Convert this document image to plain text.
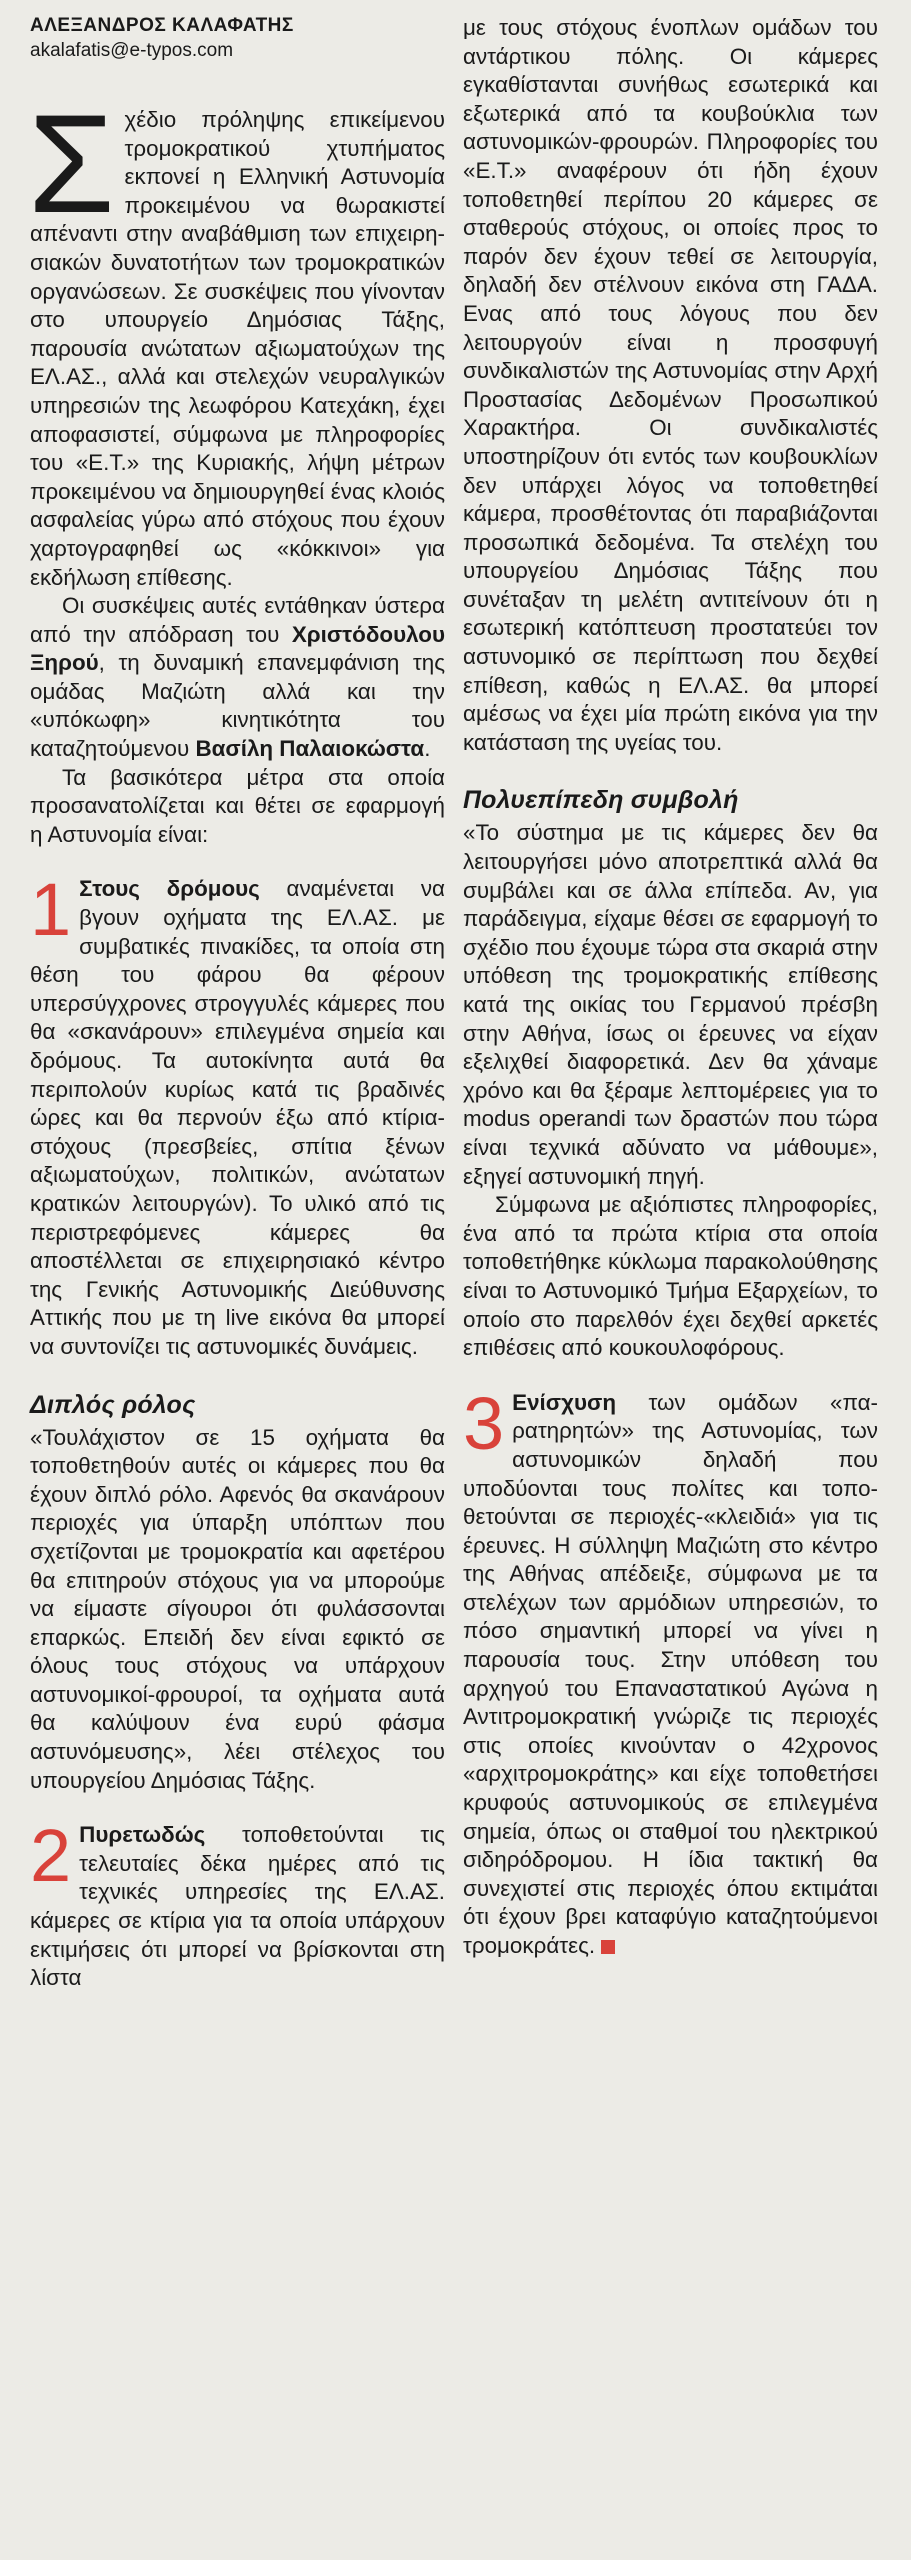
ΑΛΕΞΑΝΔΡΟΣ ΚΑΛΑΦΑΤΗΣ
akalafatis@e-typos.com

Σχέδιο πρόληψης επικείμενου τρομοκρατικού χτυπήματος εκπονεί η Ελληνική Αστυνομία προκειμένου να θωρακιστεί απέναντι στην αναβάθμιση των επιχειρησιακών δυνατοτήτων των τρομοκρατικών οργανώσεων. Σε συσκέψεις που γίνονταν στο υπουργείο Δημόσιας Τάξης, παρουσία ανώτατων αξιωματούχων της ΕΛ.ΑΣ., αλλά και στελεχών νευραλγικών υπηρεσιών της λεωφόρου Κατεχάκη, έχει αποφασιστεί, σύμφωνα με πληροφορίες του «Ε.Τ.» της Κυριακής, λήψη μέτρων προκειμένου να δημιουργηθεί ένας κλοιός ασφαλείας γύρω από στόχους που έχουν χαρτογραφηθεί ως «κόκκινοι» για εκδήλωση επίθεσης.

Οι συσκέψεις αυτές εντάθηκαν ύστερα από την απόδραση του Χριστόδουλου Ξηρού, τη δυναμική επανεμφάνιση της ομάδας Μαζιώτη αλλά και την «υπόκωφη» κινητικότητα του καταζητούμενου Βασίλη Παλαιοκώστα.

Τα βασικότερα μέτρα στα οποία προσανατολίζεται και θέτει σε εφαρμογή η Αστυνομία είναι:

1 Στους δρόμους αναμένεται να βγουν οχήματα της ΕΛ.ΑΣ. με συμβατικές πινακίδες, τα οποία στη θέση του φάρου θα φέρουν υπερσύγχρονες στρογγυλές κάμερες που θα «σκανάρουν» επιλεγμένα σημεία και δρόμους. Τα αυτοκίνητα αυτά θα περιπολούν κυρίως κατά τις βραδινές ώρες και θα περνούν έξω από κτίρια-στόχους (πρεσβείες, σπίτια ξένων αξιωματούχων, πολιτικών, ανώτατων κρατικών λειτουργών). Το υλικό από τις περιστρεφόμενες κάμερες θα αποστέλλεται σε επιχειρησιακό κέντρο της Γενικής Αστυνομικής Διεύθυνσης Αττικής που με τη live εικόνα θα μπορεί να συντονίζει τις αστυνομικές δυνάμεις.

Διπλός ρόλος

«Τουλάχιστον σε 15 οχήματα θα τοποθετηθούν αυτές οι κάμερες που θα έχουν διπλό ρόλο. Αφενός θα σκανάρουν περιοχές για ύπαρξη υπόπτων που σχετίζονται με τρομοκρατία και αφετέρου θα επιτηρούν στόχους για να μπορούμε να είμαστε σίγουροι ότι φυλάσσονται επαρκώς. Επειδή δεν είναι εφικτό σε όλους τους στόχους να υπάρχουν αστυνομικοί-φρουροί, τα οχήματα αυτά θα καλύψουν ένα ευρύ φάσμα αστυνόμευσης», λέει στέλεχος του υπουργείου Δημόσιας Τάξης.

2 Πυρετωδώς τοποθετούνται τις τελευταίες δέκα ημέρες από τις τεχνικές υπηρεσίες της ΕΛ.ΑΣ. κάμερες σε κτίρια για τα οποία υπάρχουν εκτιμήσεις ότι μπορεί να βρίσκονται στη λίστα

με τους στόχους ένοπλων ομάδων του αντάρτικου πόλης. Οι κάμερες εγκαθίστανται συνήθως εσωτερικά και εξωτερικά από τα κουβούκλια των αστυνομικών-φρουρών. Πληροφορίες του «Ε.Τ.» αναφέρουν ότι ήδη έχουν τοποθετηθεί περίπου 20 κάμερες σε σταθερούς στόχους, οι οποίες προς το παρόν δεν έχουν τεθεί σε λειτουργία, δηλαδή δεν στέλνουν εικόνα στη ΓΑΔΑ. Ενας από τους λόγους που δεν λειτουργούν είναι η προσφυγή συνδικαλιστών της Αστυνομίας στην Αρχή Προστασίας Δεδομένων Προσωπικού Χαρακτήρα. Οι συνδικαλιστές υποστηρίζουν ότι εντός των κουβουκλίων δεν υπάρχει λόγος να τοποθετηθεί κάμερα, προσθέτοντας ότι παραβιάζονται προσωπικά δεδομένα. Τα στελέχη του υπουργείου Δημόσιας Τάξης που συνέταξαν τη μελέτη αντιτείνουν ότι η εσωτερική κατόπτευση προστατεύει τον αστυνομικό σε περίπτωση που δεχθεί επίθεση, καθώς η ΕΛ.ΑΣ. θα μπορεί αμέσως να έχει μία πρώτη εικόνα για την κατάσταση της υγείας του.

Πολυεπίπεδη συμβολή

«Το σύστημα με τις κάμερες δεν θα λειτουργήσει μόνο αποτρεπτικά αλλά θα συμβάλει και σε άλλα επίπεδα. Αν, για παράδειγμα, είχαμε θέσει σε εφαρμογή το σχέδιο που έχουμε τώρα στα σκαριά στην υπόθεση της τρομοκρατικής επίθεσης κατά της οικίας του Γερμανού πρέσβη στην Αθήνα, ίσως οι έρευνες να είχαν εξελιχθεί διαφορετικά. Δεν θα χάναμε χρόνο και θα ξέραμε λεπτομέρειες για το modus operandi των δραστών που τώρα είναι τεχνικά αδύνατο να μάθουμε», εξηγεί αστυνομική πηγή.

Σύμφωνα με αξιόπιστες πληροφορίες, ένα από τα πρώτα κτίρια στα οποία τοποθετήθηκε κύκλωμα παρακολούθησης είναι το Αστυνομικό Τμήμα Εξαρχείων, το οποίο στο παρελθόν έχει δεχθεί αρκετές επιθέσεις από κουκουλοφόρους.

3 Ενίσχυση των ομάδων «παρατηρητών» της Αστυνομίας, των αστυνομικών δηλαδή που υποδύονται τους πολίτες και τοποθετούνται σε περιοχές-«κλειδιά» για τις έρευνες. Η σύλληψη Μαζιώτη στο κέντρο της Αθήνας απέδειξε, σύμφωνα με τα στελέχων των αρμόδιων υπηρεσιών, το πόσο σημαντική μπορεί να γίνει η παρουσία τους. Στην υπόθεση του αρχηγού του Επαναστατικού Αγώνα η Αντιτρομοκρατική γνώριζε τις περιοχές στις οποίες κινούνταν ο 42χρονος «αρχιτρομοκράτης» και είχε τοποθετήσει κρυφούς αστυνομικούς σε επιλεγμένα σημεία, όπως οι σταθμοί του ηλεκτρικού σιδηρόδρομου. Η ίδια τακτική θα συνεχιστεί στις περιοχές όπου εκτιμάται ότι έχουν βρει καταφύγιο καταζητούμενοι τρομοκράτες.
